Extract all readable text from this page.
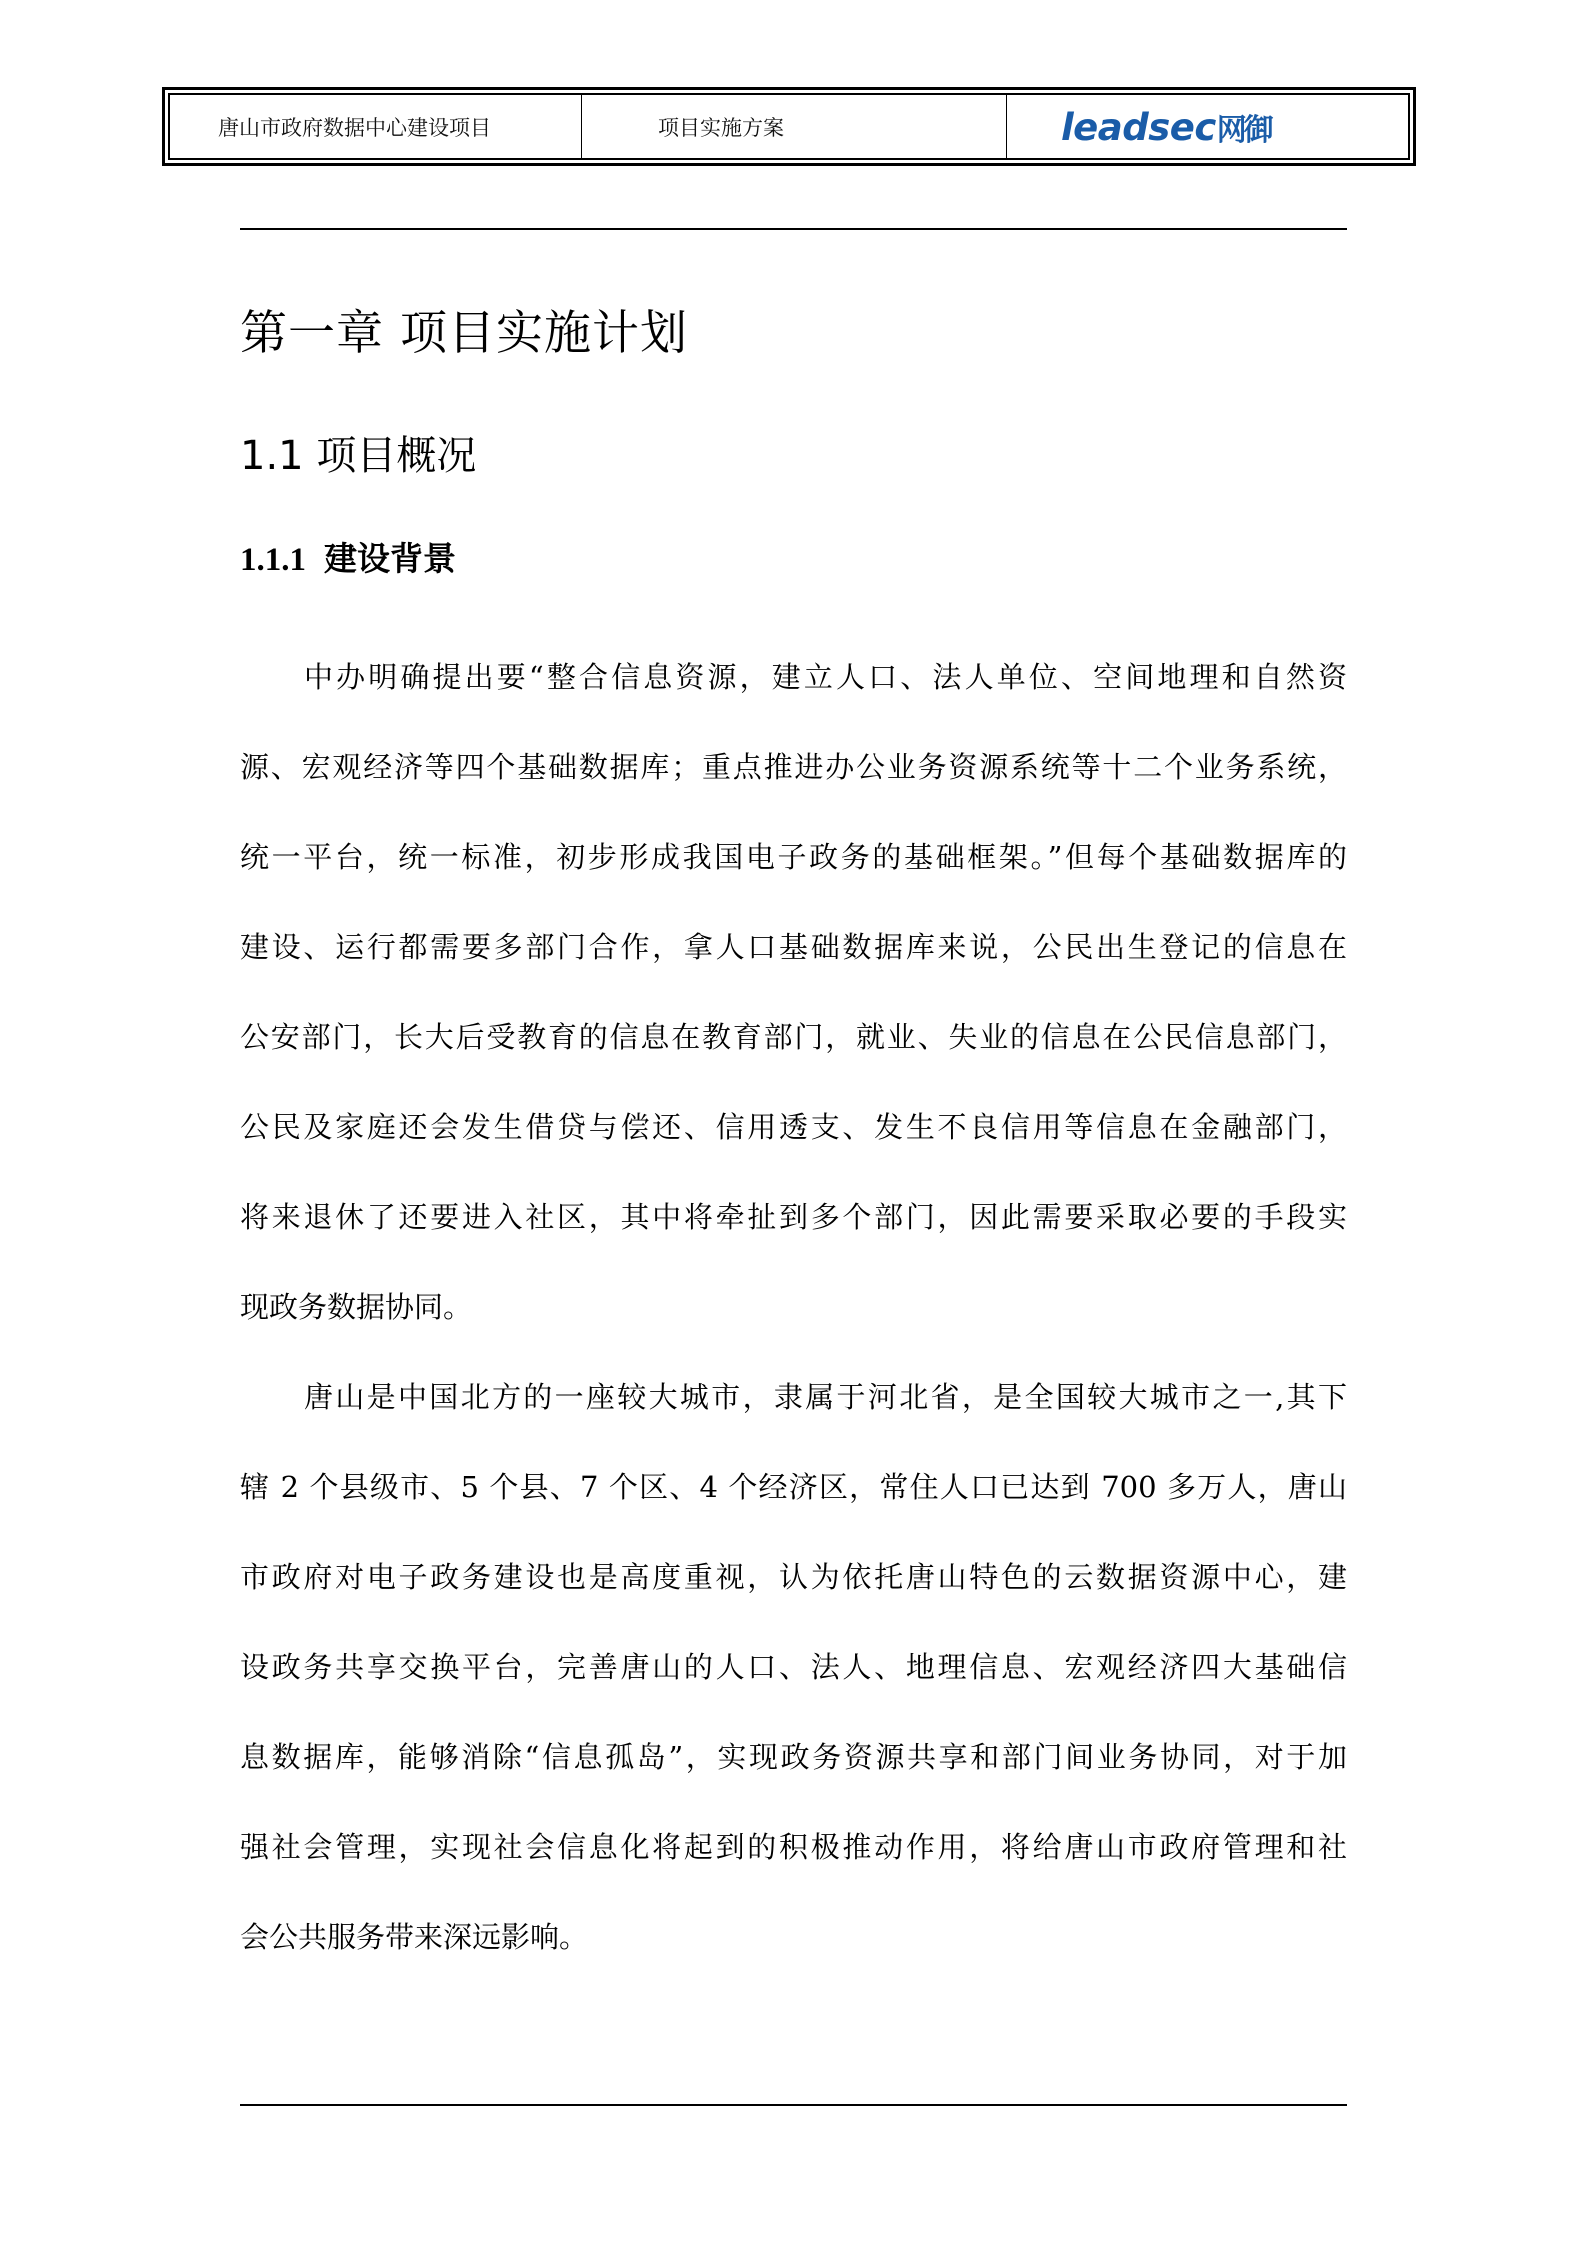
唐山市政府数据中心建设项目	项目实施方案	leadsec 网御
第一章 项目实施计划
1.1 项目概况
1.1.1 建设背景
中办明确提出要“整合信息资源，建立人口、法人单位、空间地理和自然资
源、宏观经济等四个基础数据库；重点推进办公业务资源系统等十二个业务系统，
统一平台，统一标准，初步形成我国电子政务的基础框架。”但每个基础数据库的
建设、运行都需要多部门合作，拿人口基础数据库来说，公民出生登记的信息在
公安部门，长大后受教育的信息在教育部门，就业、失业的信息在公民信息部门，
公民及家庭还会发生借贷与偿还、信用透支、发生不良信用等信息在金融部门，
将来退休了还要进入社区，其中将牵扯到多个部门，因此需要采取必要的手段实
现政务数据协同。
唐山是中国北方的一座较大城市，隶属于河北省，是全国较大城市之一,其下
辖 2 个县级市、5 个县、7 个区、4 个经济区，常住人口已达到 700 多万人，唐山
市政府对电子政务建设也是高度重视，认为依托唐山特色的云数据资源中心，建
设政务共享交换平台，完善唐山的人口、法人、地理信息、宏观经济四大基础信
息数据库，能够消除“信息孤岛”，实现政务资源共享和部门间业务协同，对于加
强社会管理，实现社会信息化将起到的积极推动作用，将给唐山市政府管理和社
会公共服务带来深远影响。
